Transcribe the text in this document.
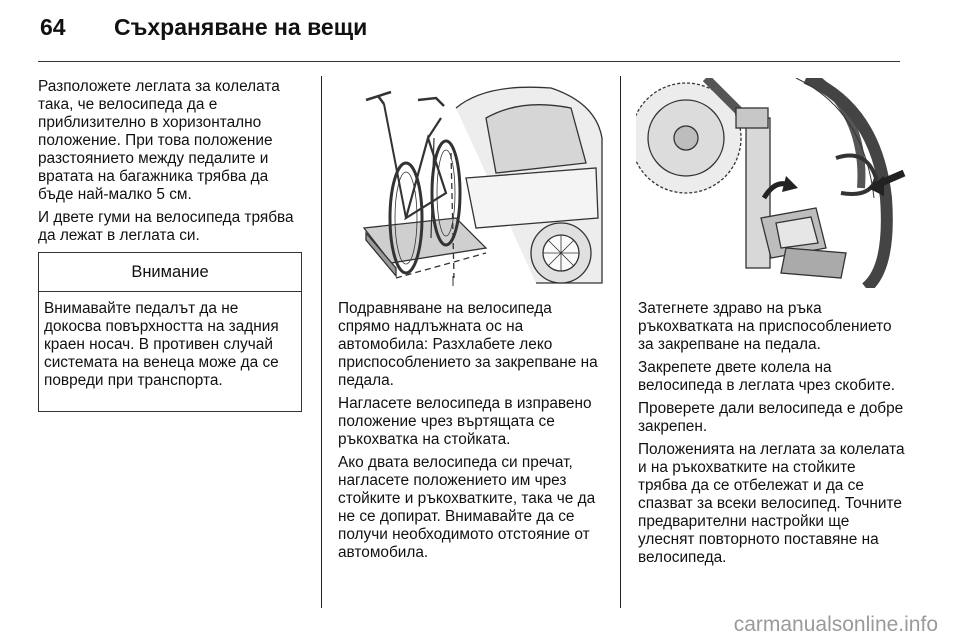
64 Съхраняване на вещи

Разположете леглата за колелата така, че велосипеда да е приблизително в хоризонтално положение. При това положение разстоянието между педалите и вратата на багажника трябва да бъде най-малко 5 см.

И двете гуми на велосипеда трябва да лежат в леглата си.

Внимание
Внимавайте педалът да не докосва повърхността на задния краен носач. В противен случай системата на венеца може да се повреди при транспорта.

Подравняване на велосипеда спрямо надлъжната ос на автомобила: Разхлабете леко приспособлението за закрепване на педала.

Нагласете велосипеда в изправено положение чрез въртящата се ръкохватка на стойката.

Ако двата велосипеда си пречат, нагласете положението им чрез стойките и ръкохватките, така че да не се допират. Внимавайте да се получи необходимото отстояние от автомобила.

Затегнете здраво на ръка ръкохватката на приспособлението за закрепване на педала.

Закрепете двете колела на велосипеда в леглата чрез скобите.

Проверете дали велосипеда е добре закрепен.

Положенията на леглата за колелата и на ръкохватките на стойките трябва да се отбележат и да се спазват за всеки велосипед. Точните предварителни настройки ще улеснят повторното поставяне на велосипеда.

carmanualsonline.info
